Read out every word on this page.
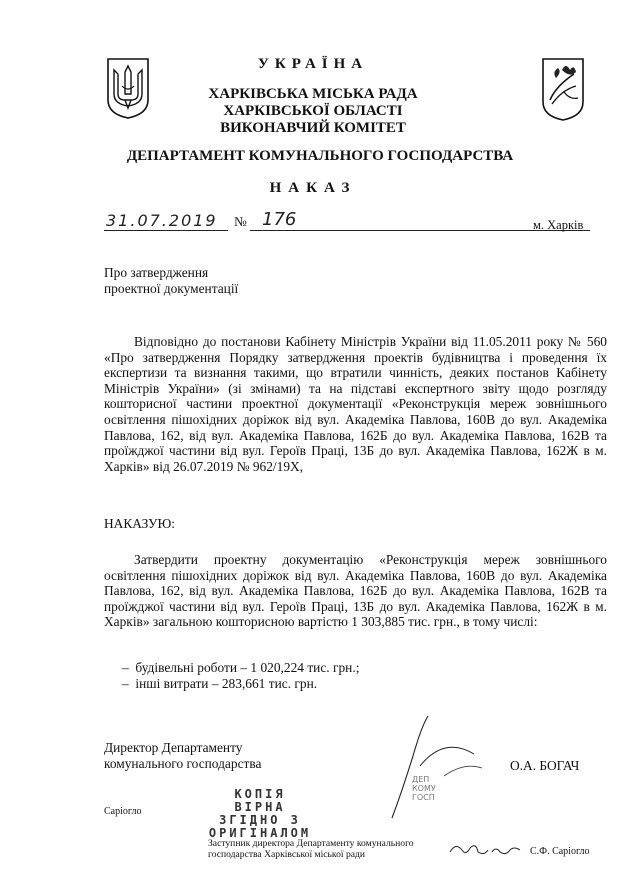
УКРАЇНА
ХАРКІВСЬКА МІСЬКА РАДА
ХАРКІВСЬКОЇ ОБЛАСТІ
ВИКОНАВЧИЙ КОМІТЕТ
ДЕПАРТАМЕНТ КОМУНАЛЬНОГО ГОСПОДАРСТВА
НАКАЗ
31.07.2019 № 176	м. Харків
Про затвердження
проектної документації

Відповідно до постанови Кабінету Міністрів України від 11.05.2011 року № 560 «Про затвердження Порядку затвердження проектів будівництва і проведення їх експертизи та визнання такими, що втратили чинність, деяких постанов Кабінету Міністрів України» (зі змінами) та на підставі експертного звіту щодо розгляду кошторисної частини проектної документації «Реконструкція мереж зовнішнього освітлення пішохідних доріжок від вул. Академіка Павлова, 160В до вул. Академіка Павлова, 162, від вул. Академіка Павлова, 162Б до вул. Академіка Павлова, 162В та проїжджої частини від вул. Героїв Праці, 13Б до вул. Академіка Павлова, 162Ж в м. Харків» від 26.07.2019 № 962/19Х,

НАКАЗУЮ:

Затвердити проектну документацію «Реконструкція мереж зовнішнього освітлення пішохідних доріжок від вул. Академіка Павлова, 160В до вул. Академіка Павлова, 162, від вул. Академіка Павлова, 162Б до вул. Академіка Павлова, 162В та проїжджої частини від вул. Героїв Праці, 13Б до вул. Академіка Павлова, 162Ж в м. Харків» загальною кошторисною вартістю 1 303,885 тис. грн., в тому числі:

–  будівельні роботи – 1 020,224 тис. грн.;
–  інші витрати – 283,661 тис. грн.
Директор Департаменту
комунального господарства	О.А. БОГАЧ
ДЕП
КОМУ
ГОСП
Саріогло
КОПІЯ ВІРНА
ЗГІДНО З
ОРИГІНАЛОМ
Заступник директора Департаменту комунального
господарства Харківської міської ради	С.Ф. Саріогло
